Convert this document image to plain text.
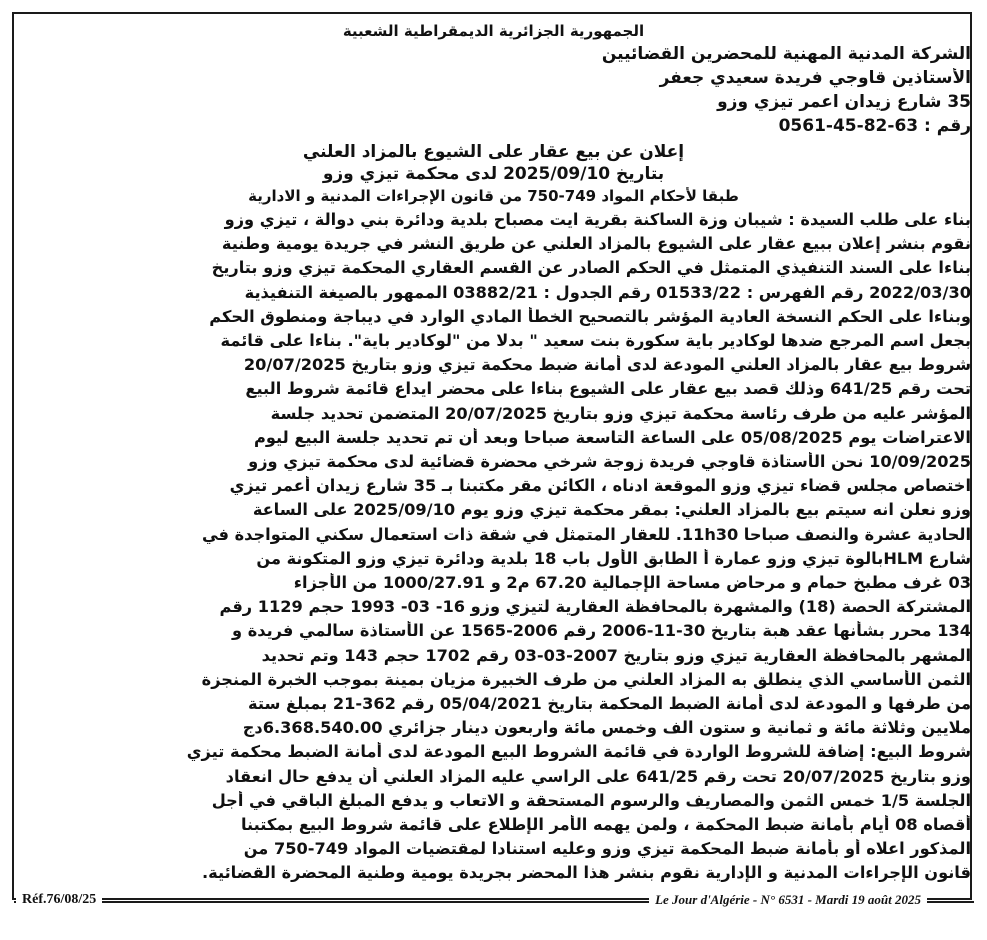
الجمهورية الجزائرية الديمقراطية الشعبية
الشركة المدنية المهنية للمحضرين القضائيين
الأستاذين قاوجي فريدة سعيدي جعفر
35 شارع زيدان اعمر تيزي وزو
رقم : 63-82-45-0561
إعلان عن بيع عقار على الشيوع بالمزاد العلني
بتاريخ 2025/09/10 لدى محكمة تيزي وزو
طبقا لأحكام المواد 749-750 من قانون الإجراءات المدنية و الادارية
بناء على طلب السيدة : شيبان وزة الساكنة بقرية ايت مصباح بلدية ودائرة بني دوالة ، تيزي وزو
نقوم بنشر إعلان ببيع عقار على الشيوع بالمزاد العلني عن طريق النشر في جريدة يومية وطنية
بناءا على السند التنفيذي المتمثل في الحكم الصادر عن القسم العقاري المحكمة تيزي وزو بتاريخ
2022/03/30 رقم الفهرس : 01533/22 رقم الجدول : 03882/21 الممهور بالصيغة التنفيذية
وبناءا على الحكم النسخة العادية المؤشر بالتصحيح الخطأ المادي الوارد في ديباجة ومنطوق الحكم
بجعل اسم المرجع ضدها لوكادير باية سكورة بنت سعيد " بدلا من "لوكادير باية". بناءا على قائمة
شروط بيع عقار بالمزاد العلني المودعة لدى أمانة ضبط محكمة تيزي وزو بتاريخ 20/07/2025
تحت رقم 641/25 وذلك قصد بيع عقار على الشيوع بناءا على محضر ايداع قائمة شروط البيع
المؤشر عليه من طرف رئاسة محكمة تيزي وزو بتاريخ 20/07/2025 المتضمن تحديد جلسة
الاعتراضات يوم 05/08/2025 على الساعة التاسعة صباحا وبعد أن تم تحديد جلسة البيع ليوم
10/09/2025 نحن الأستاذة قاوجي فريدة زوجة شرخي محضرة قضائية لدى محكمة تيزي وزو
اختصاص مجلس قضاء تيزي وزو الموقعة ادناه ، الكائن مقر مكتبنا بـ 35 شارع زيدان أعمر تيزي
وزو نعلن انه سيتم بيع بالمزاد العلني: بمقر محكمة تيزي وزو يوم 2025/09/10 على الساعة
الحادية عشرة والنصف صباحا 11h30. للعقار المتمثل في شقة ذات استعمال سكني المتواجدة في
شارع HLMبالوة تيزي وزو عمارة أ الطابق الأول باب 18 بلدية ودائرة تيزي وزو المتكونة من
03 غرف مطبخ حمام و مرحاض مساحة الإجمالية 67.20 م2 و 1000/27.91 من الأجزاء
المشتركة الحصة (18) والمشهرة بالمحافظة العقارية لتيزي وزو 16- 03- 1993 حجم 1129 رقم
134 محرر بشأنها عقد هبة بتاريخ 30-11-2006 رقم 2006-1565 عن الأستاذة سالمي فريدة و
المشهر بالمحافظة العقارية تيزي وزو بتاريخ 2007-03-03 رقم 1702 حجم 143 وتم تحديد
الثمن الأساسي الذي ينطلق به المزاد العلني من طرف الخبيرة مزيان بمينة بموجب الخبرة المنجزة
من طرفها و المودعة لدى أمانة الضبط المحكمة بتاريخ 05/04/2021 رقم 362-21 بمبلغ ستة
ملايين وثلاثة مائة و ثمانية و ستون الف وخمس مائة واربعون دينار جزائري 6.368.540.00دج
شروط البيع: إضافة للشروط الواردة في قائمة الشروط البيع المودعة لدى أمانة الضبط محكمة تيزي
وزو بتاريخ 20/07/2025 تحت رقم 641/25 على الراسي عليه المزاد العلني أن يدفع حال انعقاد
الجلسة 1/5 خمس الثمن والمصاريف والرسوم المستحقة و الاتعاب و يدفع المبلغ الباقي في أجل
أقصاه 08 أيام بأمانة ضبط المحكمة ، ولمن يهمه الأمر الإطلاع على قائمة شروط البيع بمكتبنا
المذكور اعلاه أو بأمانة ضبط المحكمة تيزي وزو وعليه استنادا لمقتضيات المواد 749-750 من
قانون الإجراءات المدنية و الإدارية نقوم بنشر هذا المحضر بجريدة يومية وطنية المحضرة القضائية.
Réf.76/08/25	Le Jour d'Algérie - N° 6531 - Mardi 19 août 2025
